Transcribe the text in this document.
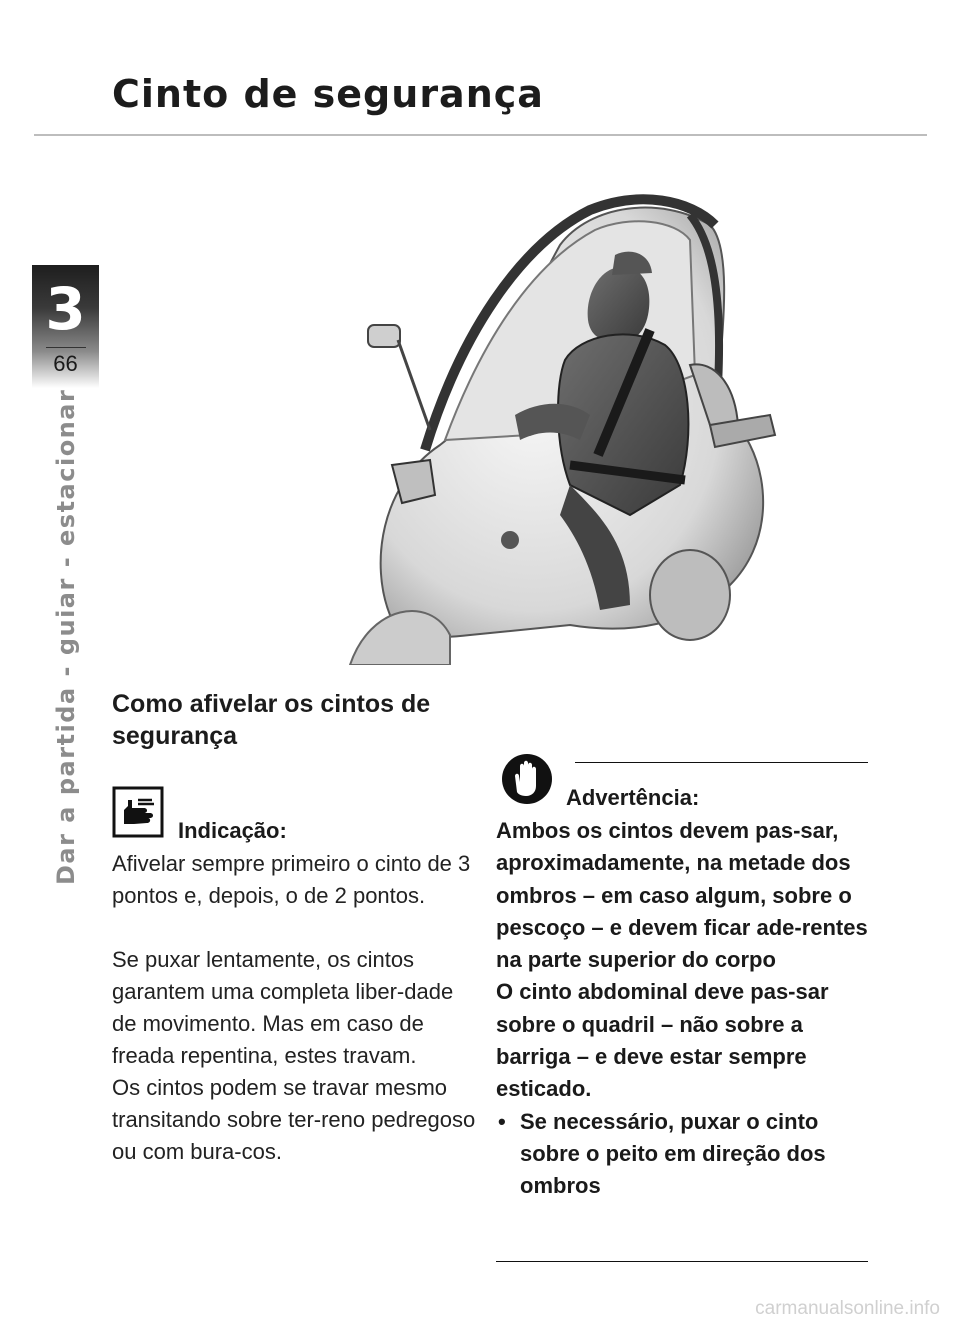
Cinto de segurança
3
66
Dar a partida - guiar - estacionar Como afivelar os cintos de segurança
Indicação:

Afivelar sempre primeiro o cinto de 3 pontos e, depois, o de 2 pontos.

Se puxar lentamente, os cintos garantem uma completa liber-dade de movimento. Mas em caso de freada repentina, estes travam.

Os cintos podem se travar mesmo transitando sobre ter-reno pedregoso ou com bura-cos.

Advertência:

Ambos os cintos devem pas-sar, aproximadamente, na metade dos ombros – em caso algum, sobre o pescoço – e devem ficar ade-rentes na parte superior do corpo

O cinto abdominal deve pas-sar sobre o quadril – não sobre a barriga – e deve estar sempre esticado.

• Se necessário, puxar o cinto sobre o peito em direção dos ombros
carmanualsonline.info
